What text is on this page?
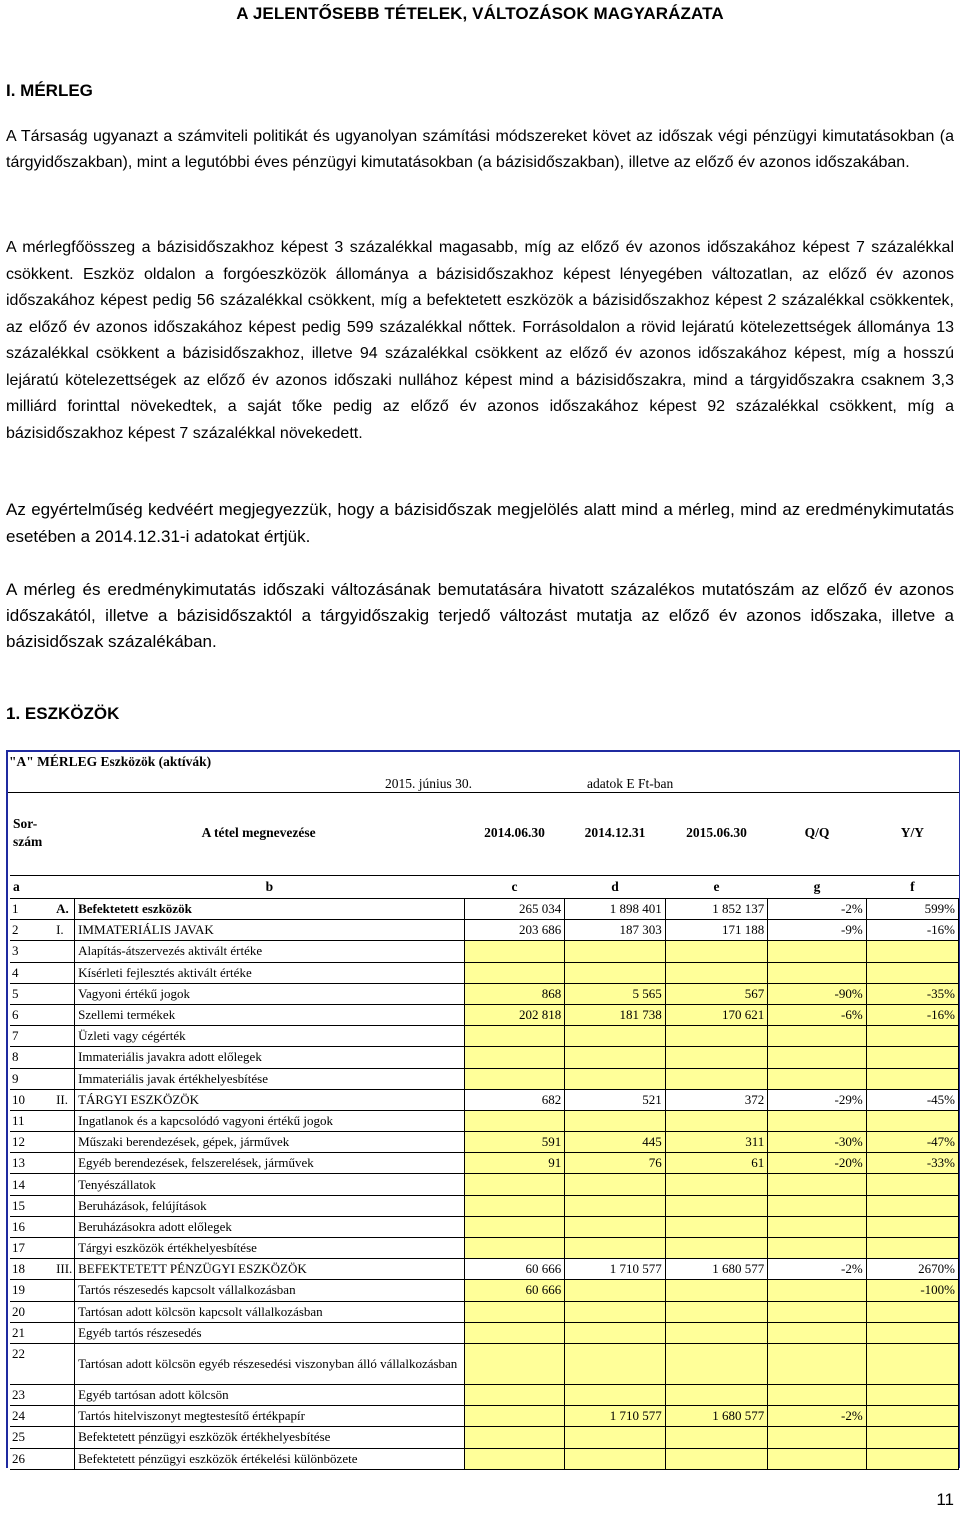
A JELENTŐSEBB TÉTELEK, VÁLTOZÁSOK MAGYARÁZATA
I. MÉRLEG

A Társaság ugyanazt a számviteli politikát és ugyanolyan számítási módszereket követ az időszak végi pénzügyi kimutatásokban (a tárgyidőszakban), mint a legutóbbi éves pénzügyi kimutatásokban (a bázisidőszakban), illetve az előző év azonos időszakában.

A mérlegfőösszeg a bázisidőszakhoz képest 3 százalékkal magasabb, míg az előző év azonos időszakához képest 7 százalékkal csökkent. Eszköz oldalon a forgóeszközök állománya a bázisidőszakhoz képest lényegében változatlan, az előző év azonos időszakához képest pedig 56 százalékkal csökkent, míg a befektetett eszközök a bázisidőszakhoz képest 2 százalékkal csökkentek, az előző év azonos időszakához képest pedig 599 százalékkal nőttek. Forrásoldalon a rövid lejáratú kötelezettségek állománya 13 százalékkal csökkent a bázisidőszakhoz, illetve 94 százalékkal csökkent az előző év azonos időszakához képest, míg a hosszú lejáratú kötelezettségek az előző év azonos időszaki nullához képest mind a bázisidőszakra, mind a tárgyidőszakra csaknem 3,3 milliárd forinttal növekedtek, a saját tőke pedig az előző év azonos időszakához képest 92 százalékkal csökkent, míg a bázisidőszakhoz képest 7 százalékkal növekedett.

Az egyértelműség kedvéért megjegyezzük, hogy a bázisidőszak megjelölés alatt mind a mérleg, mind az eredménykimutatás esetében a 2014.12.31-i adatokat értjük.

A mérleg és eredménykimutatás időszaki változásának bemutatására hivatott százalékos mutatószám az előző év azonos időszakától, illetve a bázisidőszaktól a tárgyidőszakig terjedő változást mutatja az előző év azonos időszaka, illetve a bázisidőszak százalékában.

1. ESZKÖZÖK
"A" MÉRLEG Eszközök (aktívák)
2015. június 30.	adatok E Ft-ban
Sor-
szám	A tétel megnevezése		2014.06.30	2014.12.31	2015.06.30	Q/Q	Y/Y
a		b	c	d	e	g	f
1	A.	Befektetett eszközök	265 034	1 898 401	1 852 137	-2%	599%
2	I.	IMMATERIÁLIS JAVAK	203 686	187 303	171 188	-9%	-16%
3		Alapítás-átszervezés aktivált értéke					
4		Kísérleti fejlesztés aktivált értéke					
5		Vagyoni értékű jogok	868	5 565	567	-90%	-35%
6		Szellemi termékek	202 818	181 738	170 621	-6%	-16%
7		Üzleti vagy cégérték					
8		Immateriális javakra adott előlegek					
9		Immateriális javak értékhelyesbítése					
10	II.	TÁRGYI ESZKÖZÖK	682	521	372	-29%	-45%
11		Ingatlanok és a kapcsolódó vagyoni értékű jogok					
12		Műszaki berendezések, gépek, járművek	591	445	311	-30%	-47%
13		Egyéb berendezések, felszerelések, járművek	91	76	61	-20%	-33%
14		Tenyészállatok					
15		Beruházások, felújítások					
16		Beruházásokra adott előlegek					
17		Tárgyi eszközök értékhelyesbítése					
18	III.	BEFEKTETETT PÉNZÜGYI ESZKÖZÖK	60 666	1 710 577	1 680 577	-2%	2670%
19		Tartós részesedés kapcsolt vállalkozásban	60 666				-100%
20		Tartósan adott kölcsön kapcsolt vállalkozásban					
21		Egyéb tartós részesedés					
22		Tartósan adott kölcsön egyéb részesedési viszonyban álló vállalkozásban					
23		Egyéb tartósan adott kölcsön					
24		Tartós hitelviszonyt megtestesítő értékpapír		1 710 577	1 680 577	-2%	
25		Befektetett pénzügyi eszközök értékhelyesbítése					
26		Befektetett pénzügyi eszközök értékelési különbözete					
11
